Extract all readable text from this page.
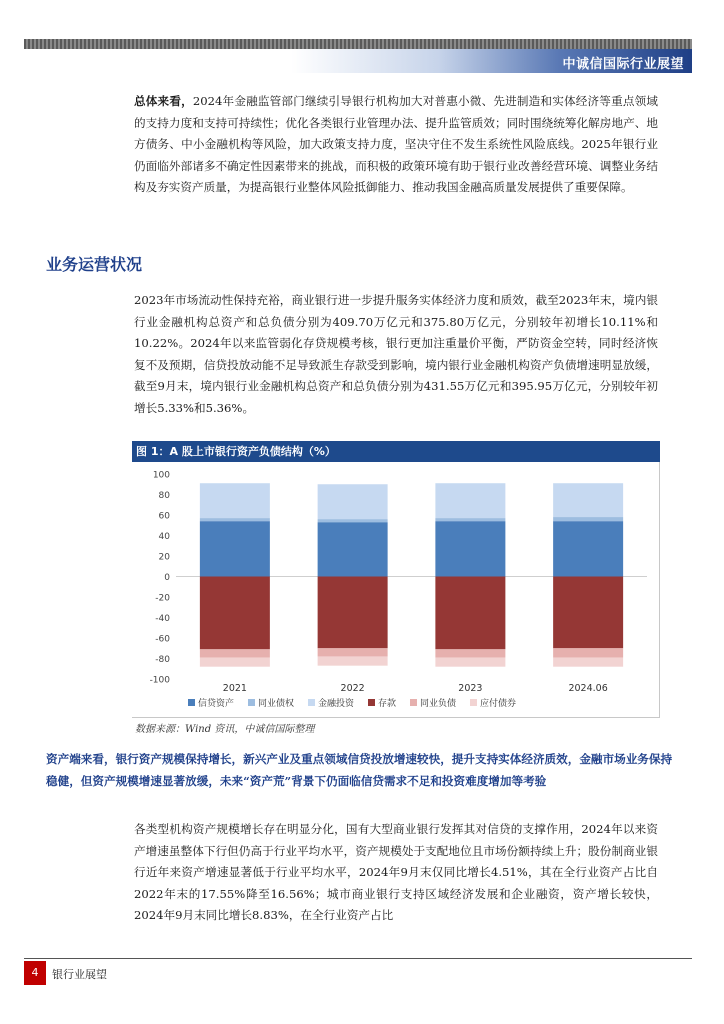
中诚信国际行业展望

总体来看，2024年金融监管部门继续引导银行机构加大对普惠小微、先进制造和实体经济等重点领域的支持力度和支持可持续性；优化各类银行业管理办法、提升监管质效；同时围绕统筹化解房地产、地方债务、中小金融机构等风险，加大政策支持力度，坚决守住不发生系统性风险底线。2025年银行业仍面临外部诸多不确定性因素带来的挑战，而积极的政策环境有助于银行业改善经营环境、调整业务结构及夯实资产质量，为提高银行业整体风险抵御能力、推动我国金融高质量发展提供了重要保障。

业务运营状况

2023年市场流动性保持充裕，商业银行进一步提升服务实体经济力度和质效，截至2023年末，境内银行业金融机构总资产和总负债分别为409.70万亿元和375.80万亿元，分别较年初增长10.11%和10.22%。2024年以来监管弱化存贷规模考核，银行更加注重量价平衡，严防资金空转，同时经济恢复不及预期，信贷投放动能不足导致派生存款受到影响，境内银行业金融机构资产负债增速明显放缓，截至9月末，境内银行业金融机构总资产和总负债分别为431.55万亿元和395.95万亿元，分别较年初增长5.33%和5.36%。

图 1：A 股上市银行资产负债结构（%）
100
80
60
40
20
0
-20
-40
-60
-80
-100
2021	2022	2023	2024.06
信贷资产	同业债权	金融投资	存款	同业负债	应付债券
数据来源：Wind 资讯，中诚信国际整理

资产端来看，银行资产规模保持增长，新兴产业及重点领域信贷投放增速较快，提升支持实体经济质效，金融市场业务保持稳健，但资产规模增速显著放缓，未来“资产荒”背景下仍面临信贷需求不足和投资难度增加等考验

各类型机构资产规模增长存在明显分化，国有大型商业银行发挥其对信贷的支撑作用，2024年以来资产增速虽整体下行但仍高于行业平均水平，资产规模处于支配地位且市场份额持续上升；股份制商业银行近年来资产增速显著低于行业平均水平，2024年9月末仅同比增长4.51%，其在全行业资产占比自2022年末的17.55%降至16.56%；城市商业银行支持区域经济发展和企业融资，资产增长较快，2024年9月末同比增长8.83%，在全行业资产占比

4	银行业展望
